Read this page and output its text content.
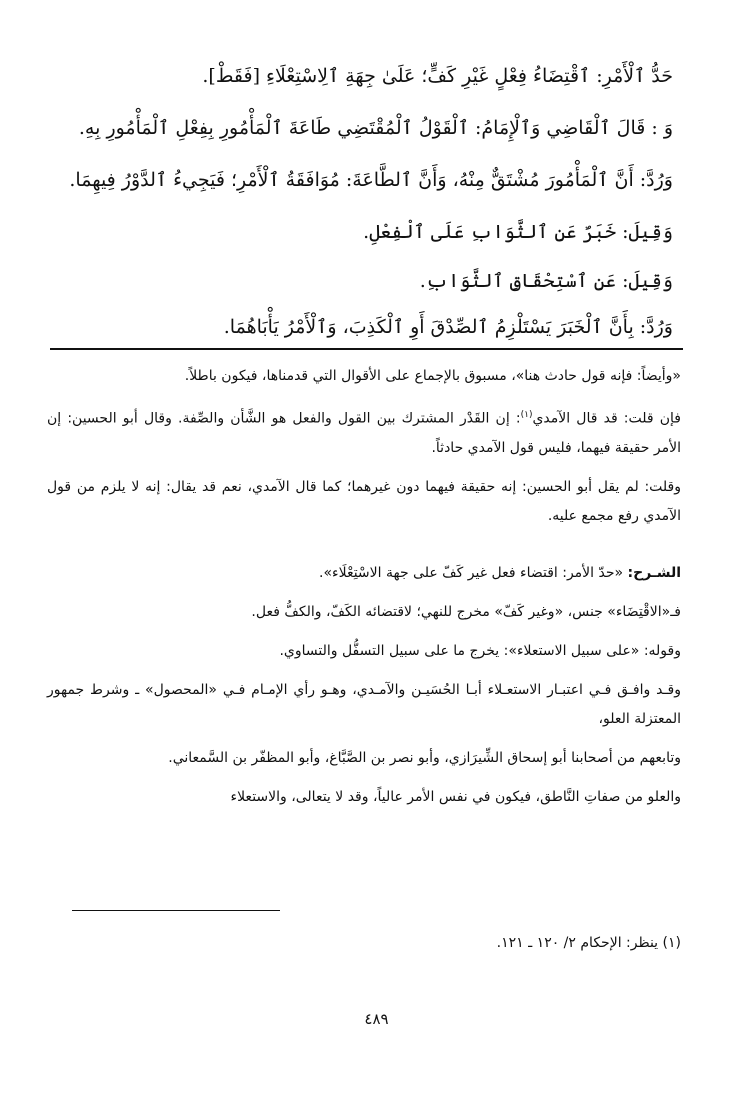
حَدُّ ٱلْأَمْرِ: ٱقْتِضَاءُ فِعْلٍ غَيْرِ كَفٍّ؛ عَلَىٰ جِهَةِ ٱلِاسْتِعْلَاءِ [فَقَطْ].
وَ : قَالَ ٱلْقَاضِي وَٱلْإِمَامُ: ٱلْقَوْلُ ٱلْمُقْتَضِي طَاعَةَ ٱلْمَأْمُورِ بِفِعْلِ ٱلْمَأْمُورِ بِهِ.
وَرُدَّ: أَنَّ ٱلْمَأْمُورَ مُشْتَقٌّ مِنْهُ، وَأَنَّ ٱلطَّاعَةَ: مُوَافَقَةُ ٱلْأَمْرِ؛ فَيَجِيءُ ٱلدَّوْرُ فِيهِمَا.
وَقِيلَ: خَبَرٌ عَنِ ٱلثَّوَابِ عَلَى ٱلْفِعْلِ.
وَقِيلَ: عَنِ ٱسْتِحْقَاقِ ٱلثَّوَابِ.
وَرُدَّ: بِأَنَّ ٱلْخَبَرَ يَسْتَلْزِمُ ٱلصِّدْقَ أَوِ ٱلْكَذِبَ، وَٱلْأَمْرُ يَأْبَاهُمَا.

«وأيضاً: فإنه قول حادث هنا»، مسبوق بالإجماع على الأقوال التي قدمناها، فيكون باطلاً.

فإن قلت: قد قال الآمدي$^{(١)}$: إن القَدْر المشترك بين القول والفعل هو الشَّأن والصِّفة. وقال أبو الحسين: إن الأمر حقيقة فيهما، فليس قول الآمدي حادثاً.

وقلت: لم يقل أبو الحسين: إنه حقيقة فيهما دون غيرهما؛ كما قال الآمدي، نعم قد يقال: إنه لا يلزم من قول الآمدي رفع مجمع عليه.

الشـرح: «حدّ الأمر: اقتضاء فعل غير كَفّ على جهة الاسْتِعْلَاء».

فـ«الاقْتِضَاء» جنس، «وغير كَفّ» مخرج للنهي؛ لاقتضائه الكَفّ، والكفُّ فعل.

وقوله: «على سبيل الاستعلاء»: يخرج ما على سبيل التسفُّل والتساوي.

وقـد وافـق فـي اعتبـار الاستعـلاء أبـا الحُسَيـن والآمـدي، وهـو رأي الإمـام فـي «المحصول» ـ وشرط جمهور المعتزلة العلو،

وتابعهم من أصحابنا أبو إسحاق الشِّيرَازي، وأبو نصر بن الصَّبَّاغ، وأبو المظفّر بن السَّمعاني.

والعلو من صفاتِ النَّاطق، فيكون في نفس الأمر عالياً، وقد لا يتعالى، والاستعلاء

(١) ينظر: الإحكام ٢/ ١٢٠ ـ ١٢١.
٤٨٩
